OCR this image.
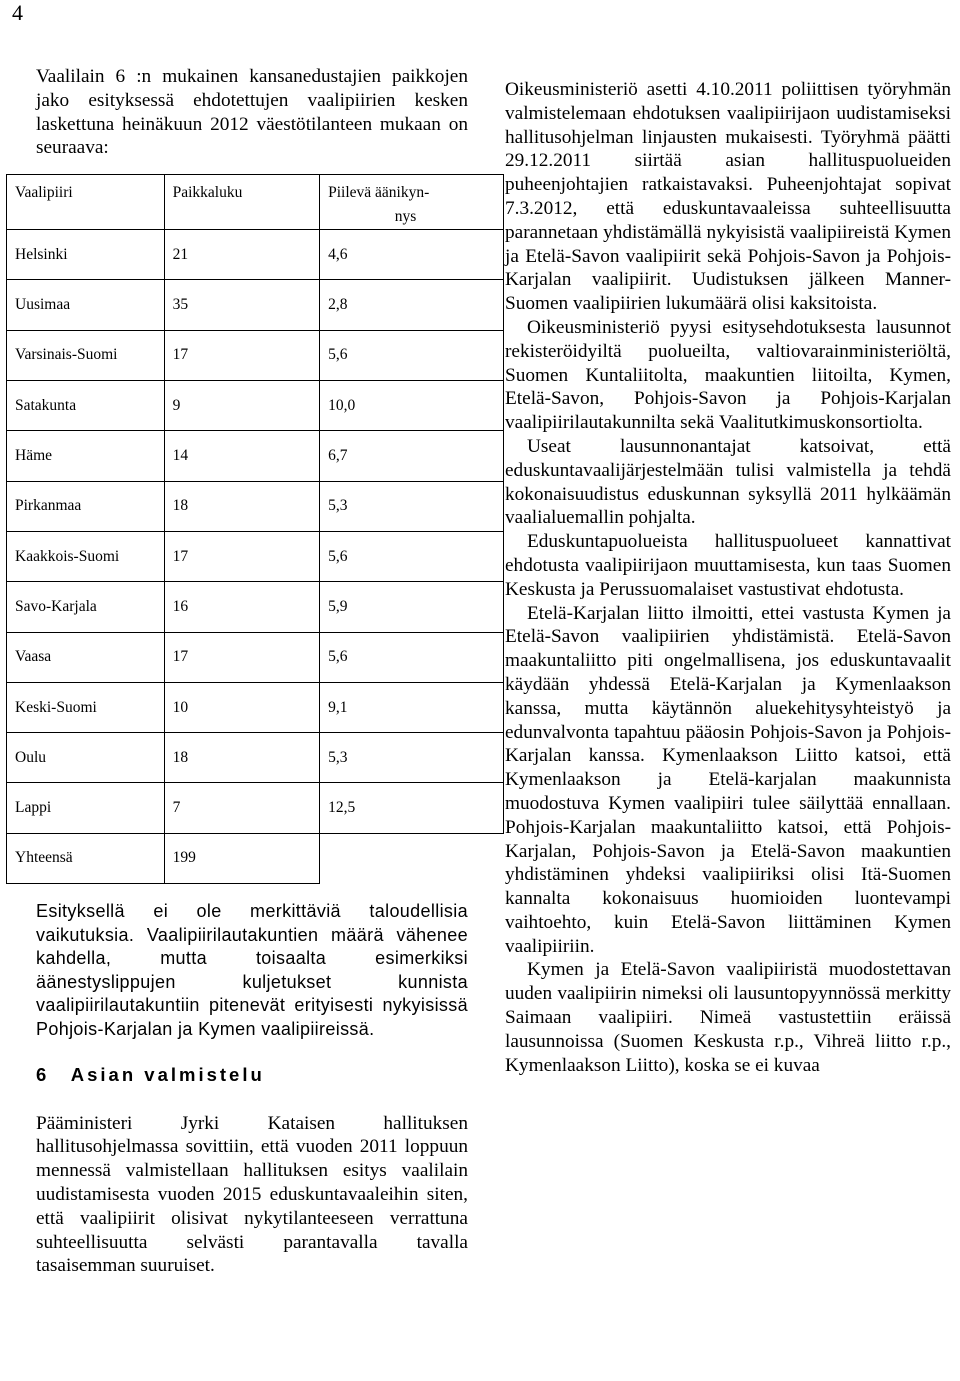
4

Vaalilain 6 :n mukainen kansanedustajien paikkojen jako esityksessä ehdotettujen vaalipiirien kesken laskettuna heinäkuun 2012 väestötilanteen mukaan on seuraava:

Vaalipiiri	Paikkaluku	Piilevä äänikyn-

nys

Helsinki	21	4,6
Uusimaa	35	2,8
Varsinais-Suomi	17	5,6
Satakunta	9	10,0
Häme	14	6,7
Pirkanmaa	18	5,3
Kaakkois-Suomi	17	5,6
Savo-Karjala	16	5,9
Vaasa	17	5,6
Keski-Suomi	10	9,1
Oulu	18	5,3
Lappi	7	12,5
Yhteensä	199	

Esityksellä ei ole merkittäviä taloudellisia vaikutuksia. Vaalipiirilautakuntien määrä vähenee kahdella, mutta toisaalta esimerkiksi äänestyslippujen kuljetukset kunnista vaalipiirilautakuntiin pitenevät erityisesti nykyisissä Pohjois-Karjalan ja Kymen vaalipiireissä.

6 Asian valmistelu

Pääministeri Jyrki Kataisen hallituksen hallitusohjelmassa sovittiin, että vuoden 2011 loppuun mennessä valmistellaan hallituksen esitys vaalilain uudistamisesta vuoden 2015 eduskuntavaaleihin siten, että vaalipiirit olisivat nykytilanteeseen verrattuna suhteellisuutta selvästi parantavalla tavalla tasaisemman suuruiset.

Oikeusministeriö asetti 4.10.2011 poliittisen työryhmän valmistelemaan ehdotuksen vaalipiirijaon uudistamiseksi hallitusohjelman linjausten mukaisesti. Työryhmä päätti 29.12.2011 siirtää asian hallituspuolueiden puheenjohtajien ratkaistavaksi. Puheenjohtajat sopivat 7.3.2012, että eduskuntavaaleissa suhteellisuutta parannetaan yhdistämällä nykyisistä vaalipiireistä Kymen ja Etelä-Savon vaalipiirit sekä Pohjois-Savon ja Pohjois-Karjalan vaalipiirit. Uudistuksen jälkeen Manner-Suomen vaalipiirien lukumäärä olisi kaksitoista.

Oikeusministeriö pyysi esitysehdotuksesta lausunnot rekisteröidyiltä puolueilta, valtiovarainministeriöltä, Suomen Kuntaliitolta, maakuntien liitoilta, Kymen, Etelä-Savon, Pohjois-Savon ja Pohjois-Karjalan vaalipiirilautakunnilta sekä Vaalitutkimuskonsortiolta.

Useat lausunnonantajat katsoivat, että eduskuntavaalijärjestelmään tulisi valmistella ja tehdä kokonaisuudistus eduskunnan syksyllä 2011 hylkäämän vaalialuemallin pohjalta.

Eduskuntapuolueista hallituspuolueet kannattivat ehdotusta vaalipiirijaon muuttamisesta, kun taas Suomen Keskusta ja Perussuomalaiset vastustivat ehdotusta.

Etelä-Karjalan liitto ilmoitti, ettei vastusta Kymen ja Etelä-Savon vaalipiirien yhdistämistä. Etelä-Savon maakuntaliitto piti ongelmallisena, jos eduskuntavaalit käydään yhdessä Etelä-Karjalan ja Kymenlaakson kanssa, mutta käytännön aluekehitysyhteistyö ja edunvalvonta tapahtuu pääosin Pohjois-Savon ja Pohjois-Karjalan kanssa. Kymenlaakson Liitto katsoi, että Kymenlaakson ja Etelä-karjalan maakunnista muodostuva Kymen vaalipiiri tulee säilyttää ennallaan. Pohjois-Karjalan maakuntaliitto katsoi, että Pohjois-Karjalan, Pohjois-Savon ja Etelä-Savon maakuntien yhdistäminen yhdeksi vaalipiiriksi olisi Itä-Suomen kannalta kokonaisuus huomioiden luontevampi vaihtoehto, kuin Etelä-Savon liittäminen Kymen vaalipiiriin.

Kymen ja Etelä-Savon vaalipiiristä muodostettavan uuden vaalipiirin nimeksi oli lausuntopyynnössä merkitty Saimaan vaalipiiri. Nimeä vastustettiin eräissä lausunnoissa (Suomen Keskusta r.p., Vihreä liitto r.p., Kymenlaakson Liitto), koska se ei kuvaa
